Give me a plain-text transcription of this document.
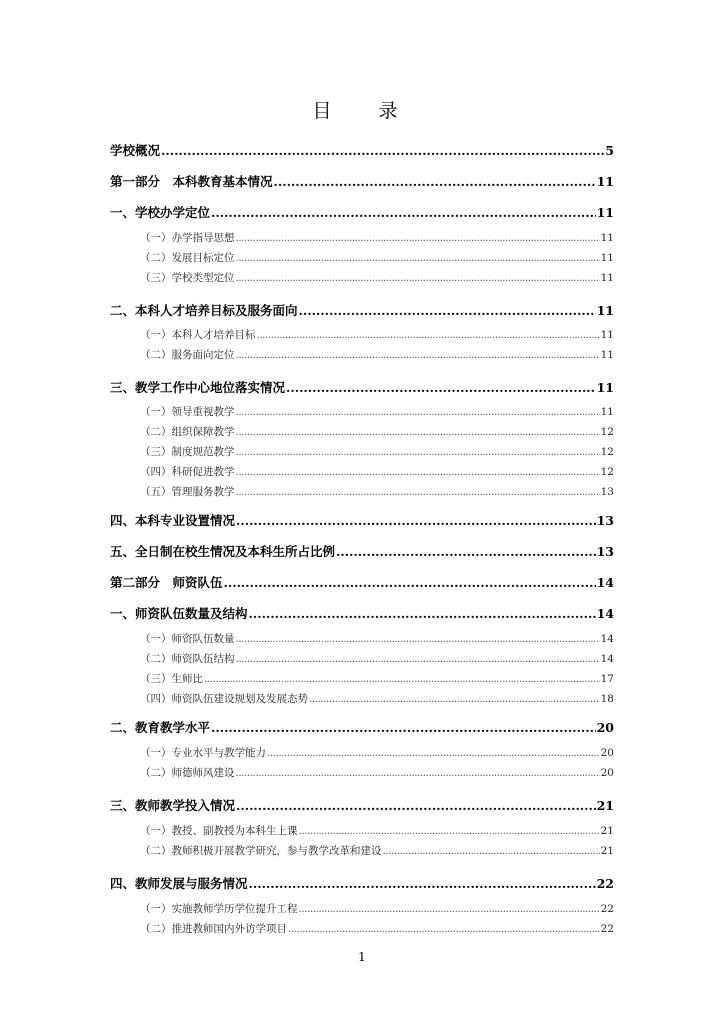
目　录
学校概况 .....	5
第一部分　本科教育基本情况 .....	11
一、学校办学定位 .....	11
（一）办学指导思想 .....	11
（二）发展目标定位 .....	11
（三）学校类型定位 .....	11
二、本科人才培养目标及服务面向 .....	11
（一）本科人才培养目标 .....	11
（二）服务面向定位 .....	11
三、教学工作中心地位落实情况 .....	11
（一）领导重视教学 .....	11
（二）组织保障教学 .....	12
（三）制度规范教学 .....	12
（四）科研促进教学 .....	12
（五）管理服务教学 .....	13
四、本科专业设置情况 .....	13
五、全日制在校生情况及本科生所占比例 .....	13
第二部分　师资队伍 .....	14
一、师资队伍数量及结构 .....	14
（一）师资队伍数量 .....	14
（二）师资队伍结构 .....	14
（三）生师比 .....	17
（四）师资队伍建设规划及发展态势 .....	18
二、教育教学水平 .....	20
（一）专业水平与教学能力 .....	20
（二）师德师风建设 .....	20
三、教师教学投入情况 .....	21
（一）教授、副教授为本科生上课 .....	21
（二）教师积极开展教学研究，参与教学改革和建设 .....	21
四、教师发展与服务情况 .....	22
（一）实施教师学历学位提升工程 .....	22
（二）推进教师国内外访学项目 .....	22
1
